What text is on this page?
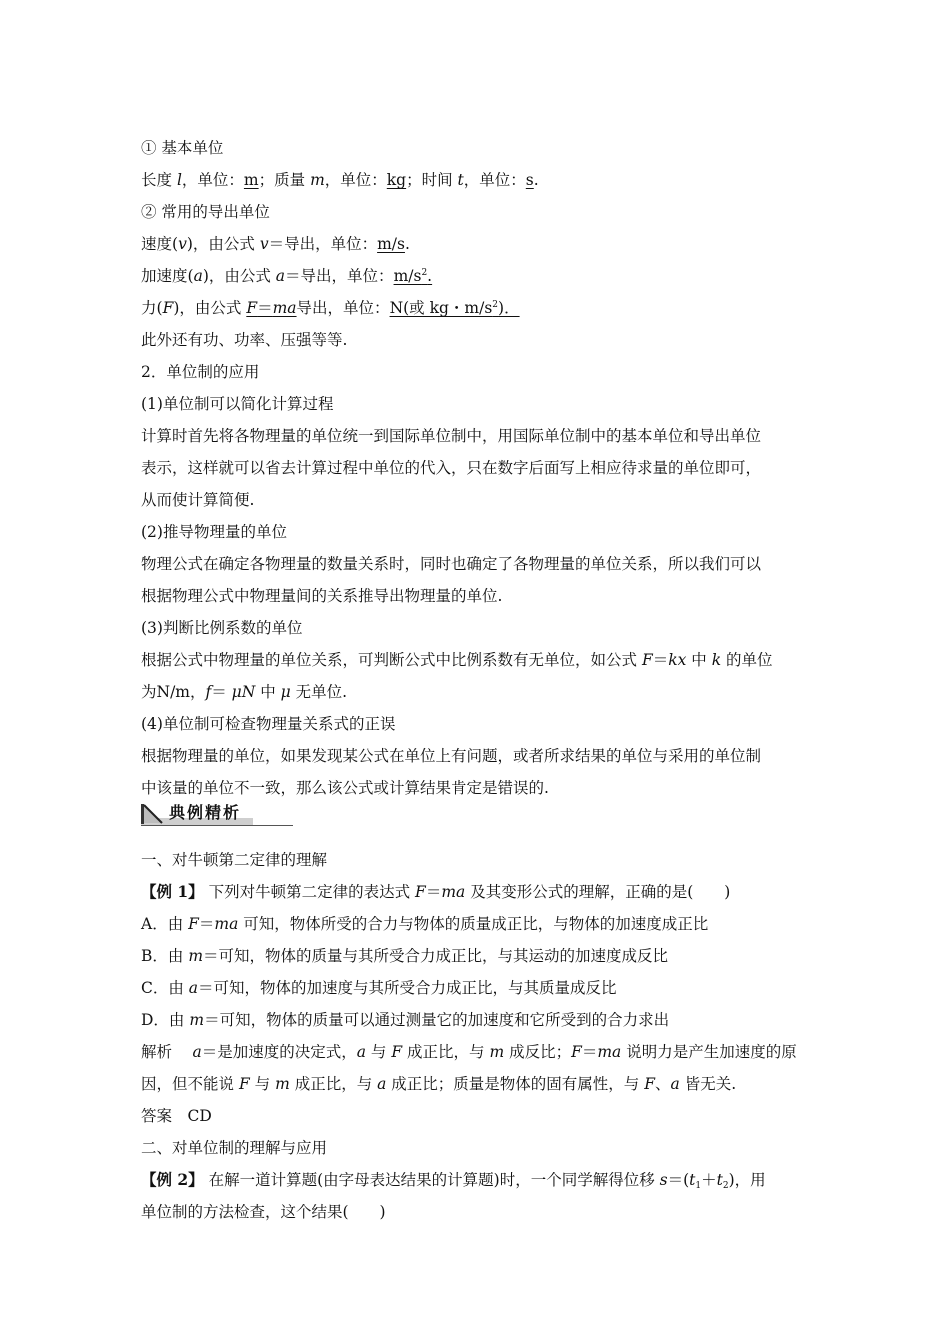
① 基本单位
长度 l，单位：m；质量 m，单位：kg；时间 t，单位：s.
② 常用的导出单位
速度(v)，由公式 v＝导出，单位：m/s.
加速度(a)，由公式 a＝导出，单位：$m/s^2$.
力(F)，由公式 F＝ma导出，单位：N(或 kg・$m/s^2$)．
此外还有功、功率、压强等等.
2．单位制的应用
(1)单位制可以简化计算过程
计算时首先将各物理量的单位统一到国际单位制中，用国际单位制中的基本单位和导出单位
表示，这样就可以省去计算过程中单位的代入，只在数字后面写上相应待求量的单位即可，
从而使计算简便.
(2)推导物理量的单位
物理公式在确定各物理量的数量关系时，同时也确定了各物理量的单位关系，所以我们可以
根据物理公式中物理量间的关系推导出物理量的单位.
(3)判断比例系数的单位
根据公式中物理量的单位关系，可判断公式中比例系数有无单位，如公式 F＝kx 中 k 的单位
为N/m，f＝ μN 中 μ 无单位.
(4)单位制可检查物理量关系式的正误
根据物理量的单位，如果发现某公式在单位上有问题，或者所求结果的单位与采用的单位制
中该量的单位不一致，那么该公式或计算结果肯定是错误的.
典例精析
一、对牛顿第二定律的理解
【例 1】 下列对牛顿第二定律的表达式 F＝ma 及其变形公式的理解，正确的是(　　)
A．由 F＝ma 可知，物体所受的合力与物体的质量成正比，与物体的加速度成正比
B．由 m＝可知，物体的质量与其所受合力成正比，与其运动的加速度成反比
C．由 a＝可知，物体的加速度与其所受合力成正比，与其质量成反比
D．由 m＝可知，物体的质量可以通过测量它的加速度和它所受到的合力求出
解析　 a＝是加速度的决定式，a 与 F 成正比，与 m 成反比；F＝ma 说明力是产生加速度的原
因，但不能说 F 与 m 成正比，与 a 成正比；质量是物体的固有属性，与 F、a 皆无关.
答案　CD
二、对单位制的理解与应用
【例 2】 在解一道计算题(由字母表达结果的计算题)时，一个同学解得位移 $s=(t_1+t_2)$，用
单位制的方法检查，这个结果(　　)
